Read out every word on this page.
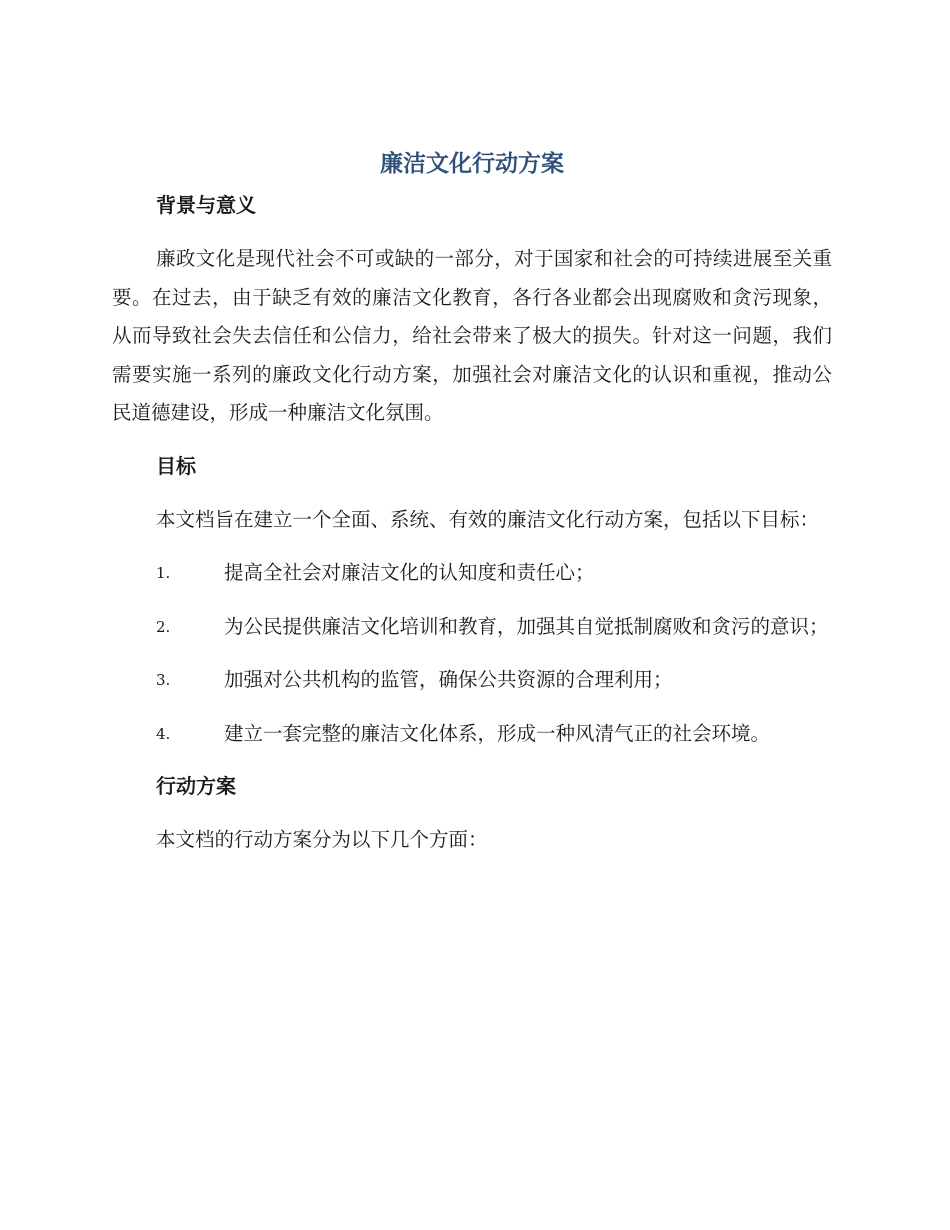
廉洁文化行动方案
背景与意义

廉政文化是现代社会不可或缺的一部分，对于国家和社会的可持续进展至关重要。在过去，由于缺乏有效的廉洁文化教育，各行各业都会出现腐败和贪污现象，从而导致社会失去信任和公信力，给社会带来了极大的损失。针对这一问题，我们需要实施一系列的廉政文化行动方案，加强社会对廉洁文化的认识和重视，推动公民道德建设，形成一种廉洁文化氛围。

目标

本文档旨在建立一个全面、系统、有效的廉洁文化行动方案，包括以下目标：

1.	提高全社会对廉洁文化的认知度和责任心；

2.	为公民提供廉洁文化培训和教育，加强其自觉抵制腐败和贪污的意识；

3.	加强对公共机构的监管，确保公共资源的合理利用；

4.	建立一套完整的廉洁文化体系，形成一种风清气正的社会环境。

行动方案

本文档的行动方案分为以下几个方面：
